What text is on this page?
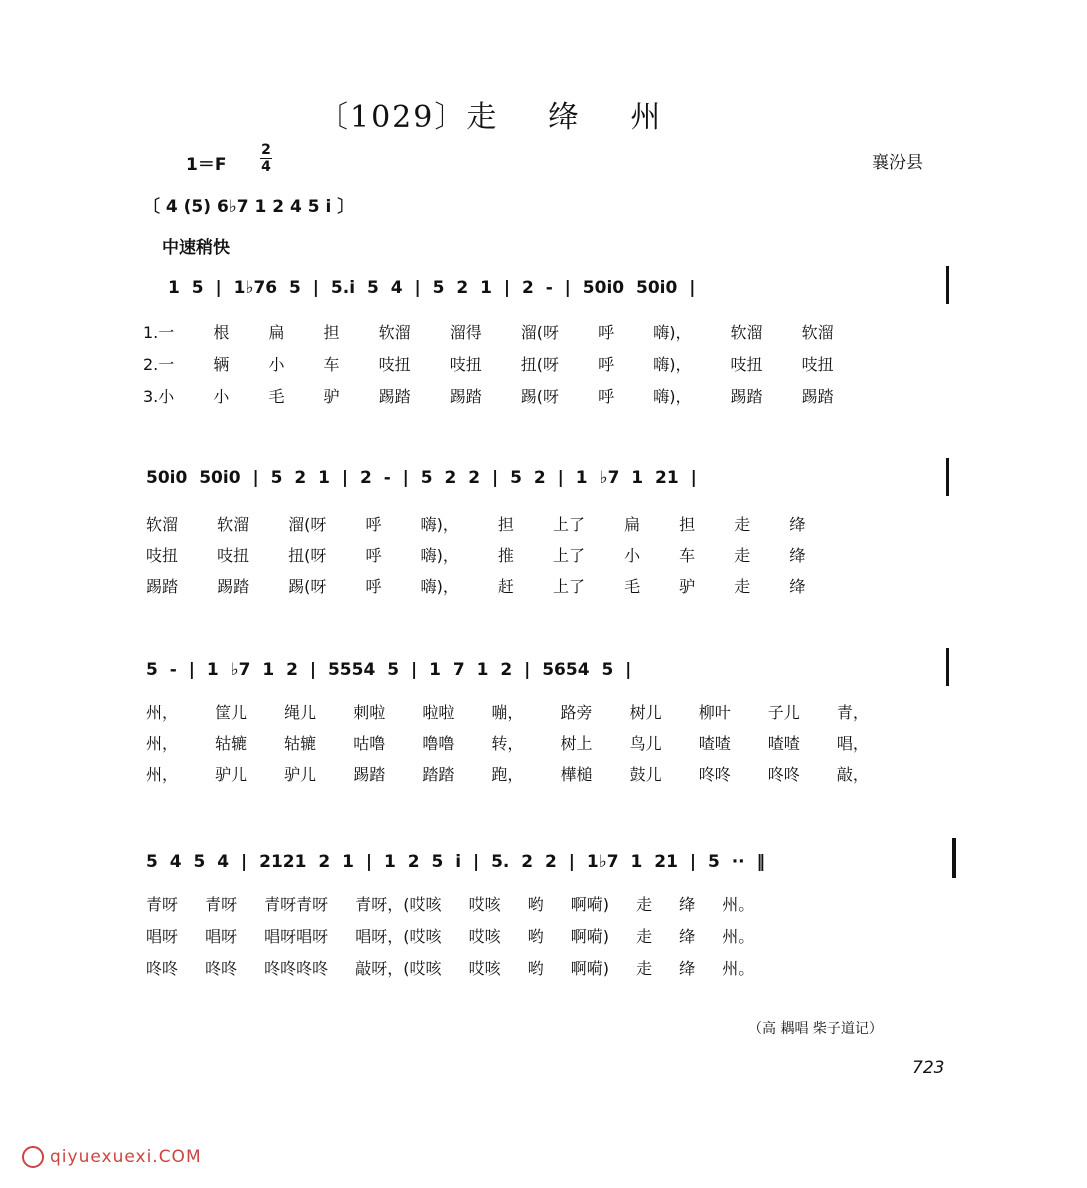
〔1029〕走 绛 州
1＝F
2
4	襄汾县
〔 4 (5) 6♭7 1 2 4 5 i 〕
中速稍快
1 5 | 1♭76 5 | 5.i 5 4 | 5 2 1 | 2 - | 50i0 50i0 |
1.一 根 扁 担 软溜 溜得 溜(呀 呼 嗨)， 软溜 软溜
2.一 辆 小 车 吱扭 吱扭 扭(呀 呼 嗨)， 吱扭 吱扭
3.小 小 毛 驴 踢踏 踢踏 踢(呀 呼 嗨)， 踢踏 踢踏
50i0 50i0 | 5 2 1 | 2 - | 5 2 2 | 5 2 | 1 ♭7 1 21 |
软溜 软溜 溜(呀 呼 嗨)， 担 上了 扁 担 走 绛
吱扭 吱扭 扭(呀 呼 嗨)， 推 上了 小 车 走 绛
踢踏 踢踏 踢(呀 呼 嗨)， 赶 上了 毛 驴 走 绛
5 - | 1 ♭7 1 2 | 5554 5 | 1 7 1 2 | 5654 5 |
州， 筐儿 绳儿 刺啦 啦啦 嘣， 路旁 树儿 柳叶 子儿 青，
州， 轱辘 轱辘 咕噜 噜噜 转， 树上 鸟儿 喳喳 喳喳 唱，
州， 驴儿 驴儿 踢踏 踏踏 跑， 樺槌 鼓儿 咚咚 咚咚 敲，
5 4 5 4 | 2121 2 1 | 1 2 5 i | 5. 2 2 | 1♭7 1 21 | 5 ·· ‖
青呀 青呀 青呀青呀 青呀，(哎咳 哎咳 哟 啊嗬) 走 绛 州。
唱呀 唱呀 唱呀唱呀 唱呀，(哎咳 哎咳 哟 啊嗬) 走 绛 州。
咚咚 咚咚 咚咚咚咚 敲呀，(哎咳 哎咳 哟 啊嗬) 走 绛 州。
（高 耦唱 柴子道记）
723
qiyuexuexi.COM
